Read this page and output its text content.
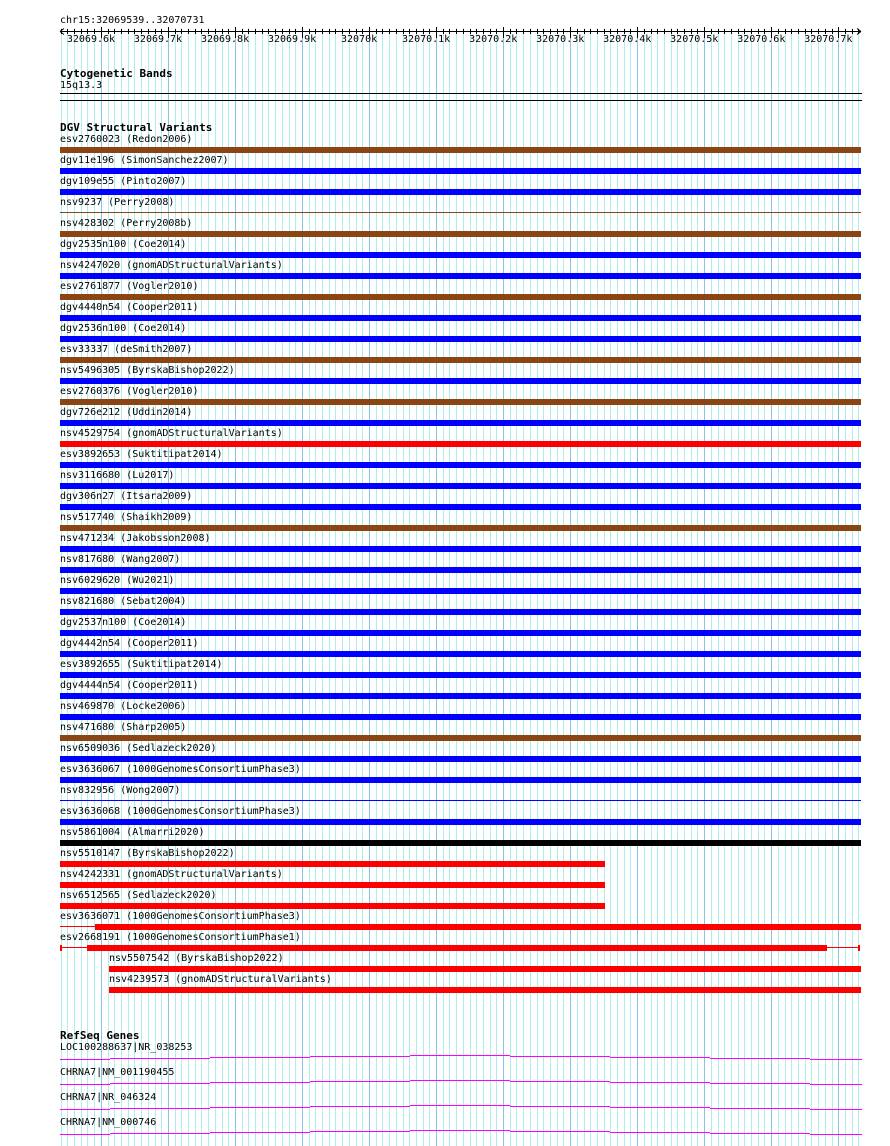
chr15:32069539..32070731
32069.6k 32069.7k 32069.8k 32069.9k 32070k 32070.1k 32070.2k 32070.3k 32070.4k 32070.5k 32070.6k 32070.7k
Cytogenetic Bands
15q13.3
DGV Structural Variants
esv2760023 (Redon2006)
dgv11e196 (SimonSanchez2007)
dgv109e55 (Pinto2007)
nsv9237 (Perry2008)
nsv428302 (Perry2008b)
dgv2535n100 (Coe2014)
nsv4247020 (gnomADStructuralVariants)
esv2761877 (Vogler2010)
dgv4440n54 (Cooper2011)
dgv2536n100 (Coe2014)
esv33337 (deSmith2007)
nsv5496305 (ByrskaBishop2022)
esv2760376 (Vogler2010)
dgv726e212 (Uddin2014)
nsv4529754 (gnomADStructuralVariants)
esv3892653 (Suktitipat2014)
nsv3116680 (Lu2017)
dgv306n27 (Itsara2009)
nsv517740 (Shaikh2009)
nsv471234 (Jakobsson2008)
nsv817680 (Wang2007)
nsv6029620 (Wu2021)
nsv821680 (Sebat2004)
dgv2537n100 (Coe2014)
dgv4442n54 (Cooper2011)
esv3892655 (Suktitipat2014)
dgv4444n54 (Cooper2011)
nsv469870 (Locke2006)
nsv471680 (Sharp2005)
nsv6509036 (Sedlazeck2020)
esv3636067 (1000GenomesConsortiumPhase3)
nsv832956 (Wong2007)
esv3636068 (1000GenomesConsortiumPhase3)
nsv5861004 (Almarri2020)
nsv5510147 (ByrskaBishop2022)
nsv4242331 (gnomADStructuralVariants)
nsv6512565 (Sedlazeck2020)
esv3636071 (1000GenomesConsortiumPhase3)
esv2668191 (1000GenomesConsortiumPhase1)
nsv5507542 (ByrskaBishop2022)
nsv4239573 (gnomADStructuralVariants)
RefSeq Genes
LOC100288637|NR_038253
CHRNA7|NM_001190455
CHRNA7|NR_046324
CHRNA7|NM_000746
